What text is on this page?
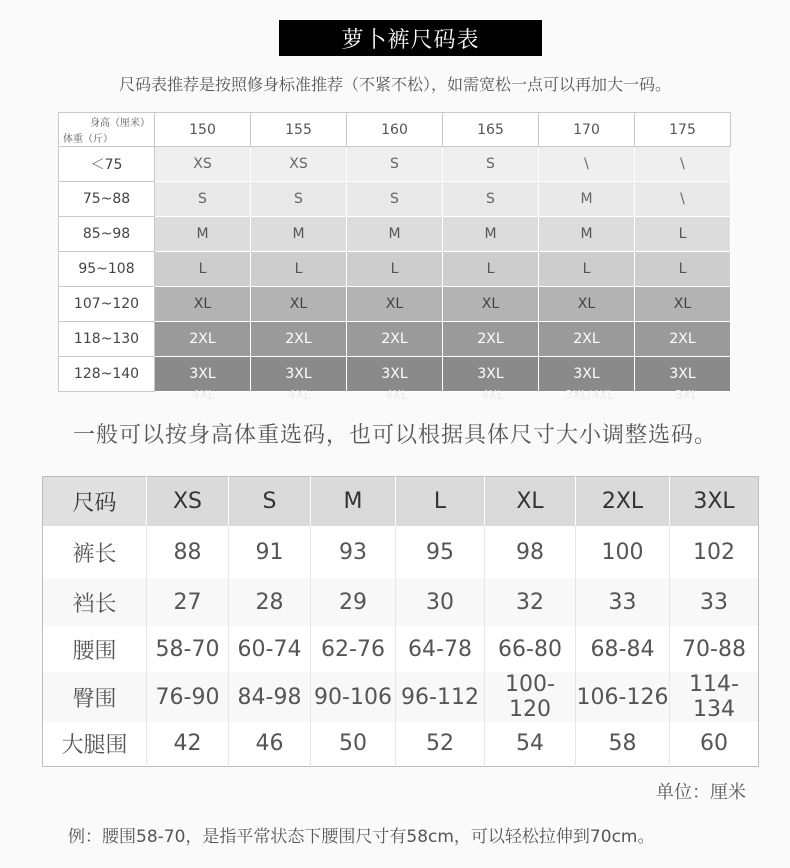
萝卜裤尺码表
尺码表推荐是按照修身标准推荐（不紧不松），如需宽松一点可以再加大一码。
身高（厘米）
体重（斤）	150	155	160	165	170	175
＜75	XS	XS	S	S	\	\
75~88	S	S	S	S	M	\
85~98	M	M	M	M	M	L
95~108	L	L	L	L	L	L
107~120	XL	XL	XL	XL	XL	XL
118~130	2XL	2XL	2XL	2XL	2XL	2XL
128~140	3XL	3XL	3XL	3XL	3XL	3XL
4XL	4XL	4XL	4XL	3XL/4XL	3XL
一般可以按身高体重选码，也可以根据具体尺寸大小调整选码。
尺码	XS	S	M	L	XL	2XL	3XL
裤长	88	91	93	95	98	100	102
裆长	27	28	29	30	32	33	33
腰围	58-70	60-74	62-76	64-78	66-80	68-84	70-88
臀围	76-90	84-98	90-106	96-112	100-120	106-126	114-134
大腿围	42	46	50	52	54	58	60
单位：厘米
例：腰围58-70，是指平常状态下腰围尺寸有58cm，可以轻松拉伸到70cm。
